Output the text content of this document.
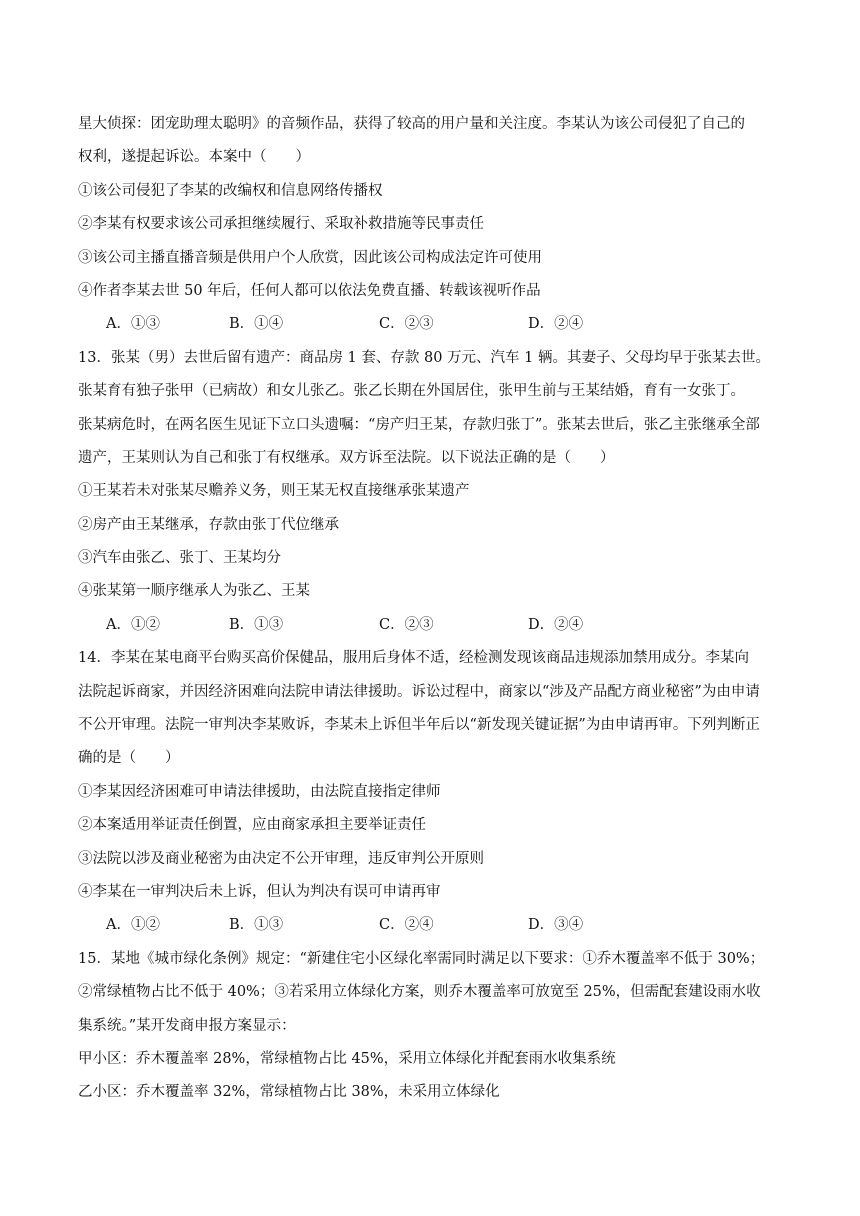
星大侦探：团宠助理太聪明》的音频作品，获得了较高的用户量和关注度。李某认为该公司侵犯了自己的
权利，遂提起诉讼。本案中（　　）
①该公司侵犯了李某的改编权和信息网络传播权
②李某有权要求该公司承担继续履行、采取补救措施等民事责任
③该公司主播直播音频是供用户个人欣赏，因此该公司构成法定许可使用
④作者李某去世 50 年后，任何人都可以依法免费直播、转载该视听作品
A．①③	B．①④	C．②③	D．②④
13．张某（男）去世后留有遗产：商品房 1 套、存款 80 万元、汽车 1 辆。其妻子、父母均早于张某去世。
张某育有独子张甲（已病故）和女儿张乙。张乙长期在外国居住，张甲生前与王某结婚，育有一女张丁。
张某病危时，在两名医生见证下立口头遗嘱：“房产归王某，存款归张丁”。张某去世后，张乙主张继承全部
遗产，王某则认为自己和张丁有权继承。双方诉至法院。以下说法正确的是（　　）
①王某若未对张某尽赡养义务，则王某无权直接继承张某遗产
②房产由王某继承，存款由张丁代位继承
③汽车由张乙、张丁、王某均分
④张某第一顺序继承人为张乙、王某
A．①②	B．①③	C．②③	D．②④
14．李某在某电商平台购买高价保健品，服用后身体不适，经检测发现该商品违规添加禁用成分。李某向
法院起诉商家，并因经济困难向法院申请法律援助。诉讼过程中，商家以“涉及产品配方商业秘密”为由申请
不公开审理。法院一审判决李某败诉，李某未上诉但半年后以“新发现关键证据”为由申请再审。下列判断正
确的是（　　）
①李某因经济困难可申请法律援助，由法院直接指定律师
②本案适用举证责任倒置，应由商家承担主要举证责任
③法院以涉及商业秘密为由决定不公开审理，违反审判公开原则
④李某在一审判决后未上诉，但认为判决有误可申请再审
A．①②	B．①③	C．②④	D．③④
15．某地《城市绿化条例》规定：“新建住宅小区绿化率需同时满足以下要求：①乔木覆盖率不低于 30%；
②常绿植物占比不低于 40%；③若采用立体绿化方案，则乔木覆盖率可放宽至 25%，但需配套建设雨水收
集系统。”某开发商申报方案显示：
甲小区：乔木覆盖率 28%，常绿植物占比 45%，采用立体绿化并配套雨水收集系统
乙小区：乔木覆盖率 32%，常绿植物占比 38%，未采用立体绿化
